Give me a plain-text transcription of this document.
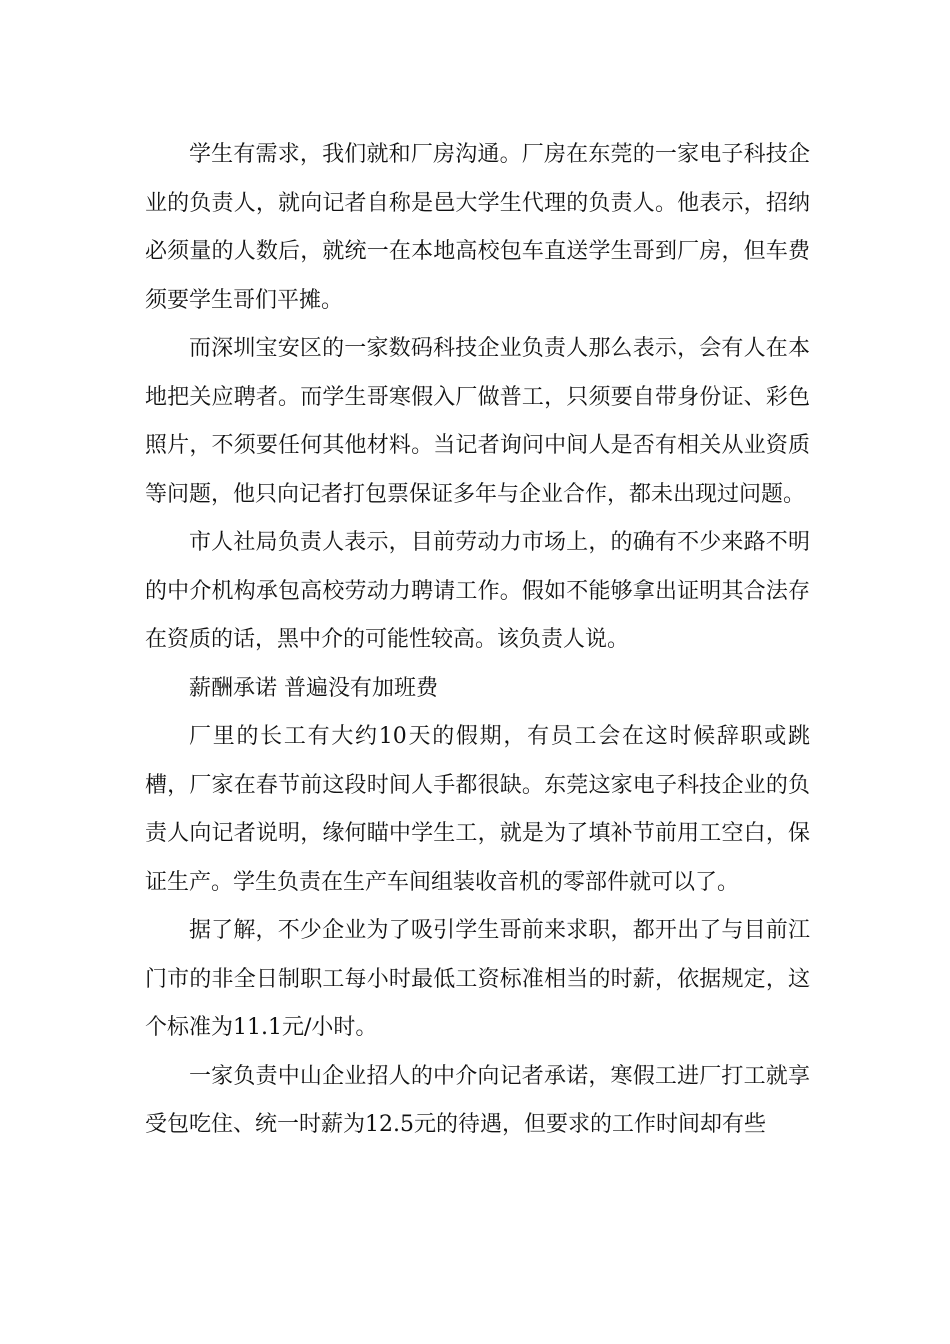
学生有需求，我们就和厂房沟通。厂房在东莞的一家电子科技企业的负责人，就向记者自称是邑大学生代理的负责人。他表示，招纳必须量的人数后，就统一在本地高校包车直送学生哥到厂房，但车费须要学生哥们平摊。

而深圳宝安区的一家数码科技企业负责人那么表示，会有人在本地把关应聘者。而学生哥寒假入厂做普工，只须要自带身份证、彩色照片，不须要任何其他材料。当记者询问中间人是否有相关从业资质等问题，他只向记者打包票保证多年与企业合作，都未出现过问题。

市人社局负责人表示，目前劳动力市场上，的确有不少来路不明的中介机构承包高校劳动力聘请工作。假如不能够拿出证明其合法存在资质的话，黑中介的可能性较高。该负责人说。

薪酬承诺 普遍没有加班费

厂里的长工有大约10天的假期，有员工会在这时候辞职或跳槽，厂家在春节前这段时间人手都很缺。东莞这家电子科技企业的负责人向记者说明，缘何瞄中学生工，就是为了填补节前用工空白，保证生产。学生负责在生产车间组装收音机的零部件就可以了。

据了解，不少企业为了吸引学生哥前来求职，都开出了与目前江门市的非全日制职工每小时最低工资标准相当的时薪，依据规定，这个标准为11.1元/小时。

一家负责中山企业招人的中介向记者承诺，寒假工进厂打工就享受包吃住、统一时薪为12.5元的待遇，但要求的工作时间却有些
